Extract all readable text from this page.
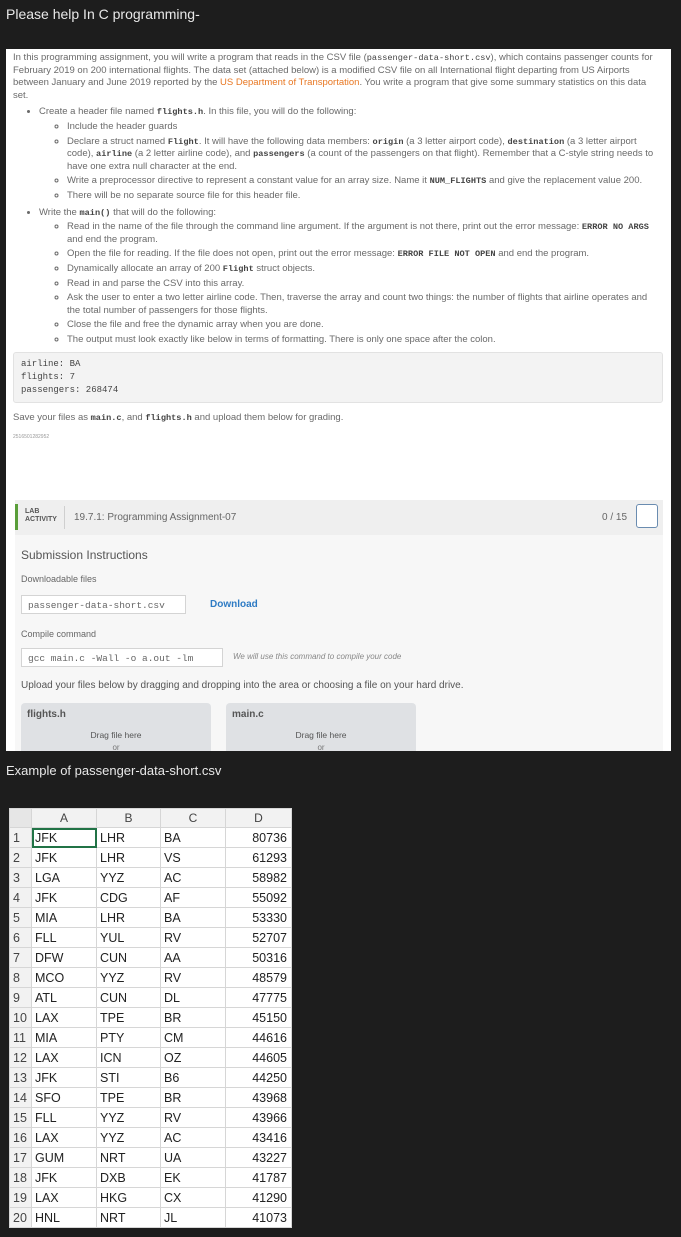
Please help In C programming-

In this programming assignment, you will write a program that reads in the CSV file (passenger-data-short.csv), which contains passenger counts for February 2019 on 200 international flights. The data set (attached below) is a modified CSV file on all International flight departing from US Airports between January and June 2019 reported by the US Department of Transportation. You write a program that give some summary statistics on this data set.

• Create a header file named flights.h. In this file, you will do the following:
◦ Include the header guards
◦ Declare a struct named Flight. It will have the following data members: origin (a 3 letter airport code), destination (a 3 letter airport code), airline (a 2 letter airline code), and passengers (a count of the passengers on that flight). Remember that a C-style string needs to have one extra null character at the end.
◦ Write a preprocessor directive to represent a constant value for an array size. Name it NUM_FLIGHTS and give the replacement value 200.
◦ There will be no separate source file for this header file.
• Write the main() that will do the following:
◦ Read in the name of the file through the command line argument. If the argument is not there, print out the error message: ERROR NO ARGS and end the program.
◦ Open the file for reading. If the file does not open, print out the error message: ERROR FILE NOT OPEN and end the program.
◦ Dynamically allocate an array of 200 Flight struct objects.
◦ Read in and parse the CSV into this array.
◦ Ask the user to enter a two letter airline code. Then, traverse the array and count two things: the number of flights that airline operates and the total number of passengers for those flights.
◦ Close the file and free the dynamic array when you are done.
◦ The output must look exactly like below in terms of formatting. There is only one space after the colon.
airline: BA
flights: 7
passengers: 268474
Save your files as main.c, and flights.h and upload them below for grading.
2516501282952
LAB
ACTIVITY 19.7.1: Programming Assignment-07	0 / 15
Submission Instructions
Downloadable files
passenger-data-short.csv	Download
Compile command
gcc main.c -Wall -o a.out -lm	We will use this command to compile your code
Upload your files below by dragging and dropping into the area or choosing a file on your hard drive.
flights.h
Drag file here
or
main.c
Drag file here
or
Example of passenger-data-short.csv
	A	B	C	D
1	JFK	LHR	BA	80736
2	JFK	LHR	VS	61293
3	LGA	YYZ	AC	58982
4	JFK	CDG	AF	55092
5	MIA	LHR	BA	53330
6	FLL	YUL	RV	52707
7	DFW	CUN	AA	50316
8	MCO	YYZ	RV	48579
9	ATL	CUN	DL	47775
10	LAX	TPE	BR	45150
11	MIA	PTY	CM	44616
12	LAX	ICN	OZ	44605
13	JFK	STI	B6	44250
14	SFO	TPE	BR	43968
15	FLL	YYZ	RV	43966
16	LAX	YYZ	AC	43416
17	GUM	NRT	UA	43227
18	JFK	DXB	EK	41787
19	LAX	HKG	CX	41290
20	HNL	NRT	JL	41073
